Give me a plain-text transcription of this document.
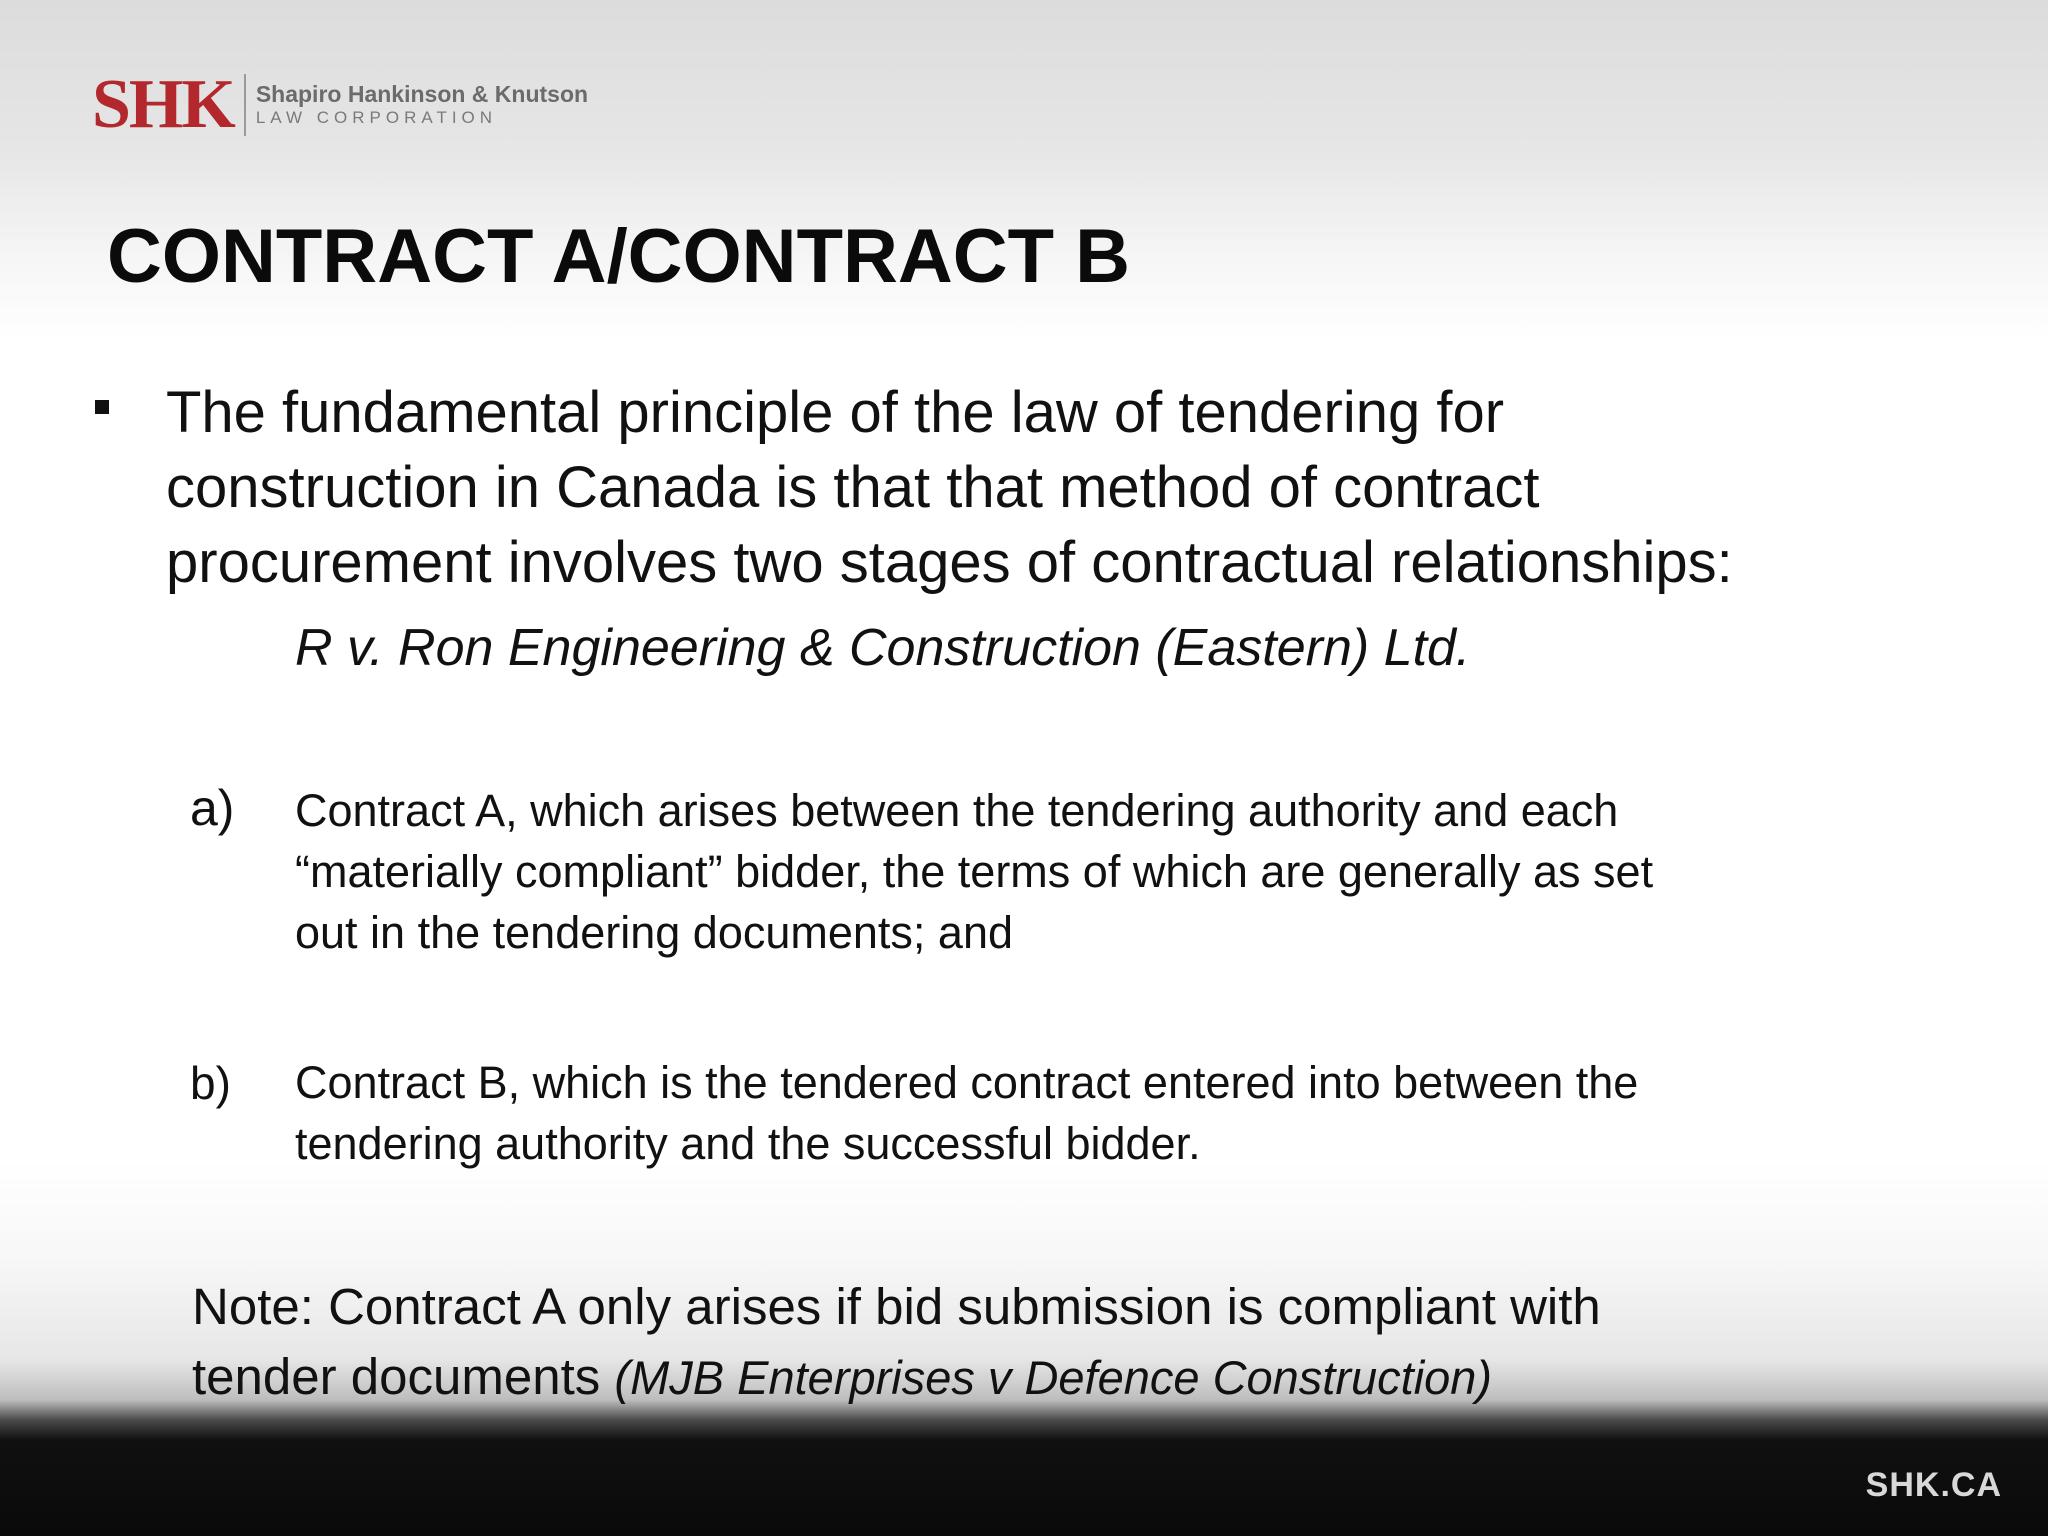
SHK Shapiro Hankinson & Knutson
LAW CORPORATION
CONTRACT A/CONTRACT B
The fundamental principle of the law of tendering for
construction in Canada is that that method of contract
procurement involves two stages of contractual relationships:
R v. Ron Engineering & Construction (Eastern) Ltd.
a) Contract A, which arises between the tendering authority and each
“materially compliant” bidder, the terms of which are generally as set
out in the tendering documents; and
b) Contract B, which is the tendered contract entered into between the
tendering authority and the successful bidder.
Note: Contract A only arises if bid submission is compliant with
tender documents (MJB Enterprises v Defence Construction)
SHK.CA
